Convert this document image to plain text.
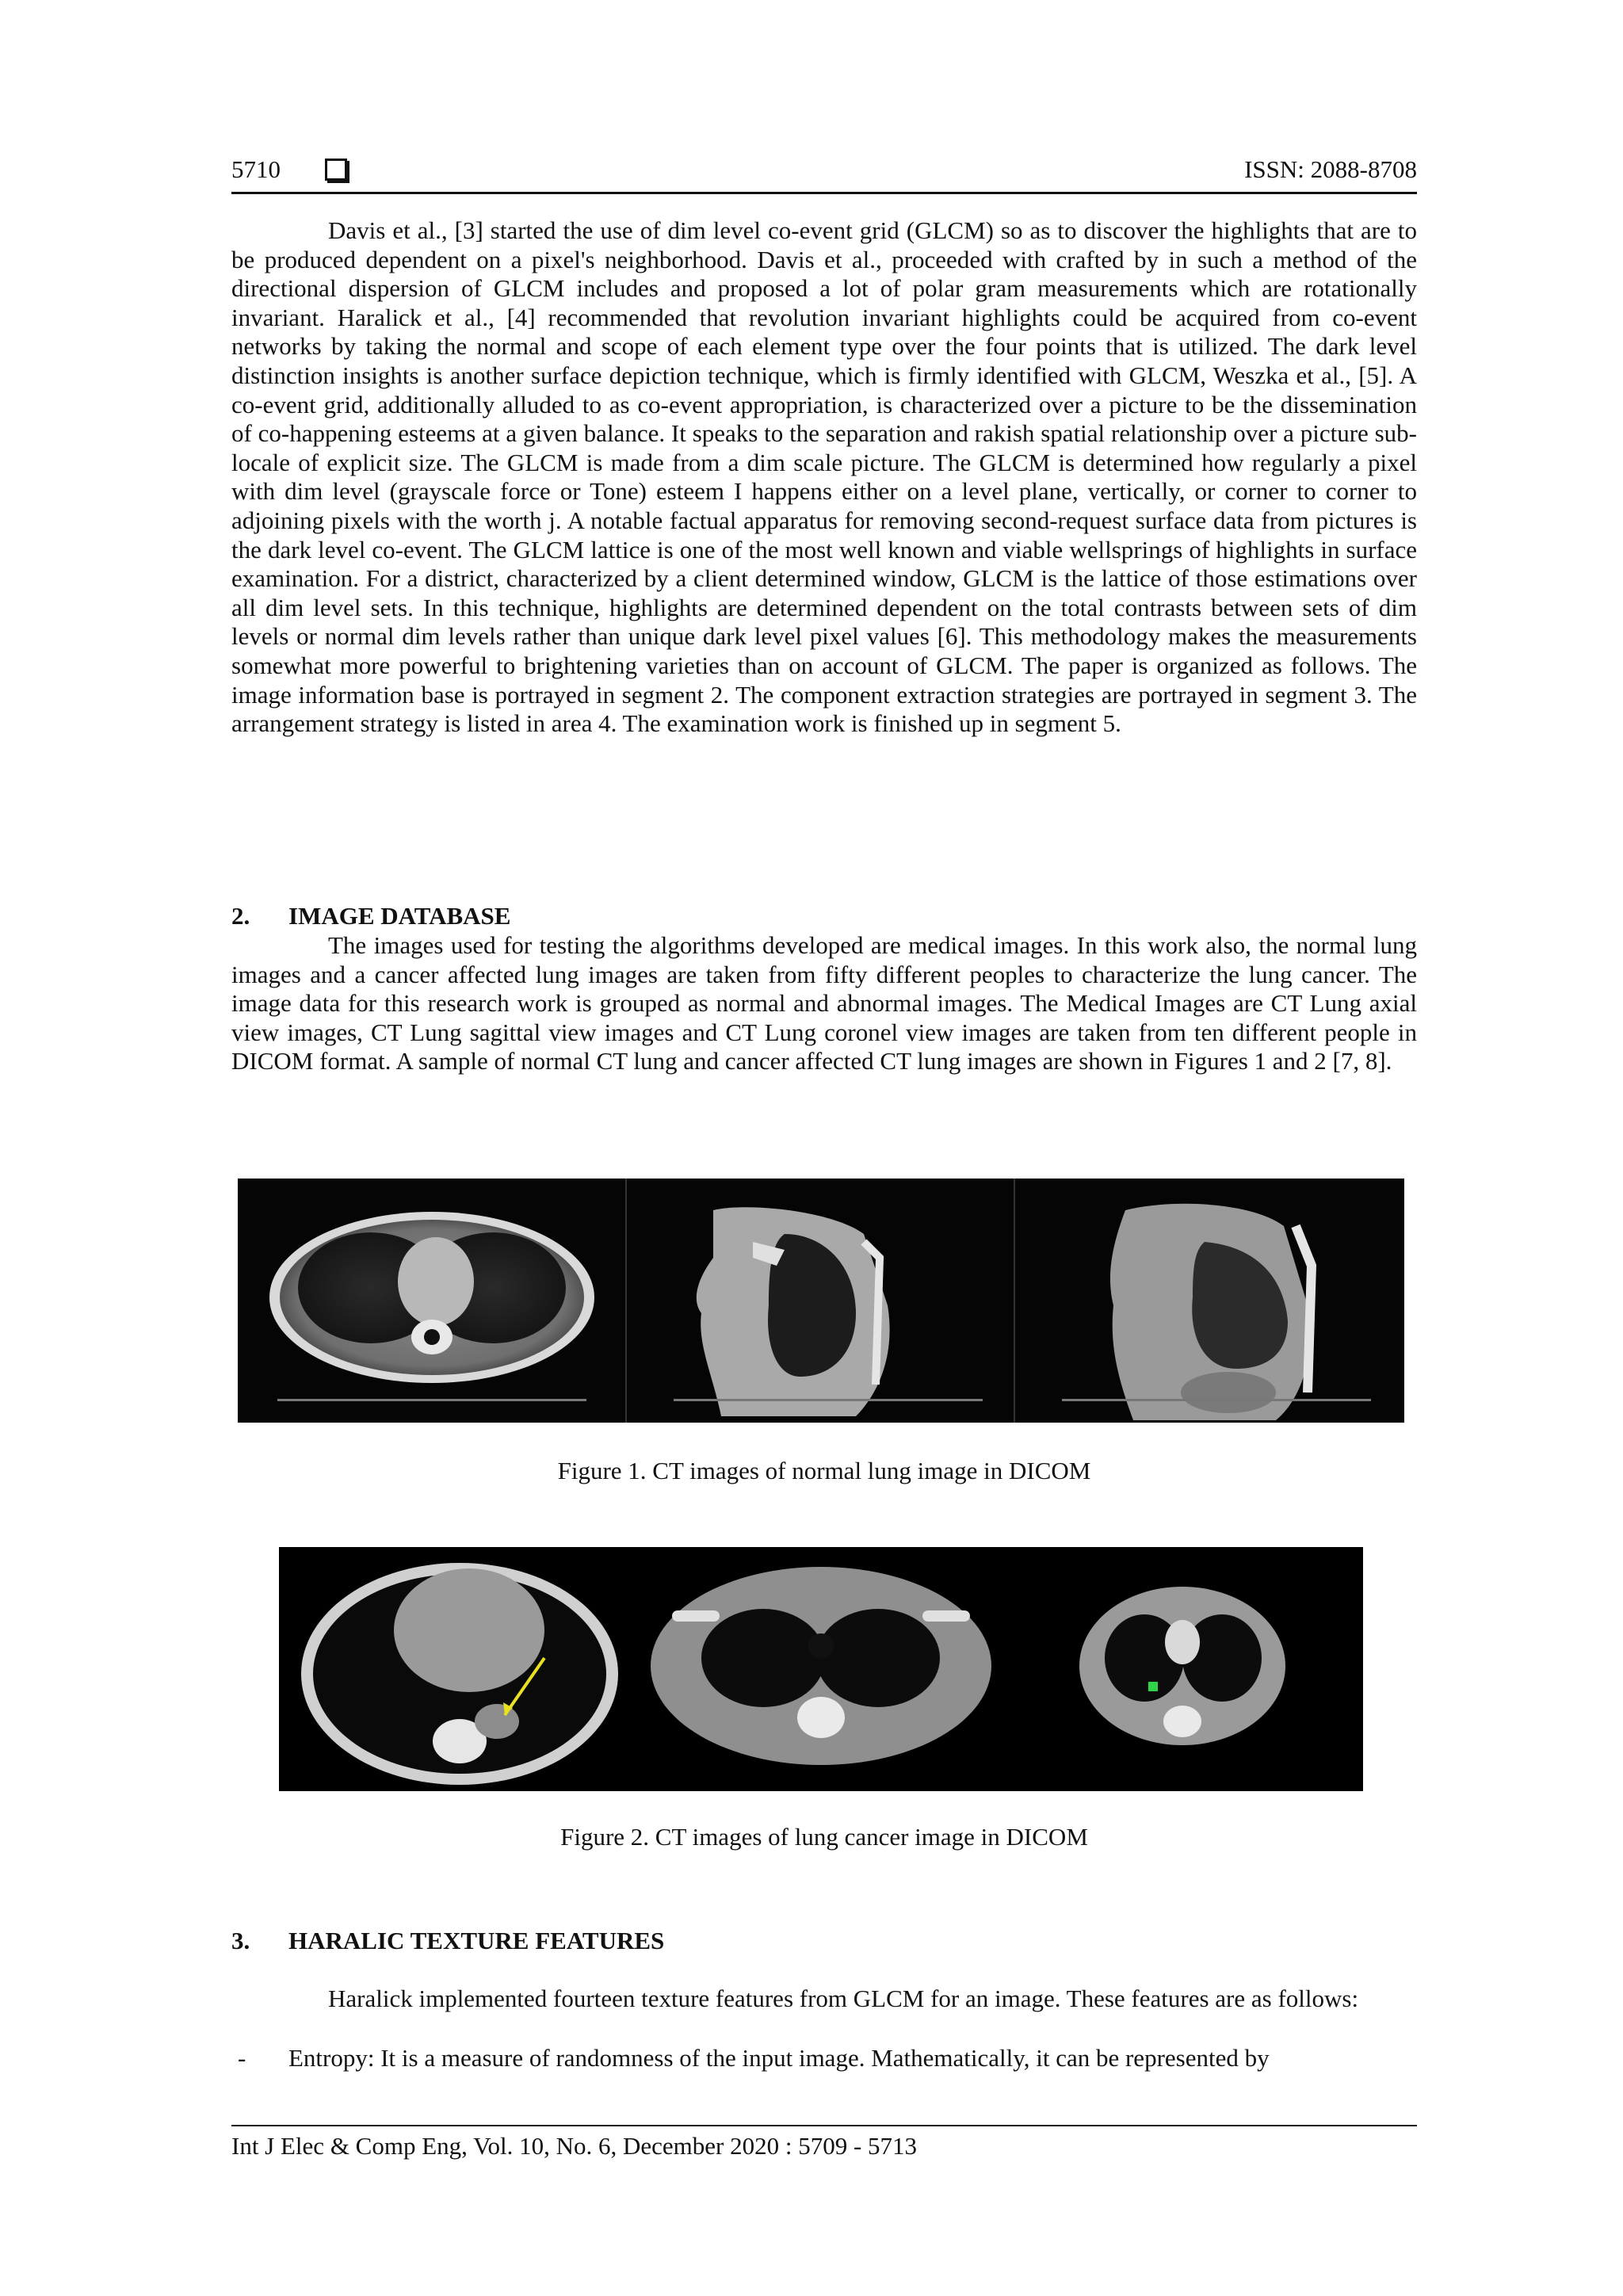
5710	ISSN: 2088-8708

Davis et al., [3] started the use of dim level co-event grid (GLCM) so as to discover the highlights that are to be produced dependent on a pixel's neighborhood. Davis et al., proceeded with crafted by in such a method of the directional dispersion of GLCM includes and proposed a lot of polar gram measurements which are rotationally invariant. Haralick et al., [4] recommended that revolution invariant highlights could be acquired from co-event networks by taking the normal and scope of each element type over the four points that is utilized. The dark level distinction insights is another surface depiction technique, which is firmly identified with GLCM, Weszka et al., [5]. A co-event grid, additionally alluded to as co-event appropriation, is characterized over a picture to be the dissemination of co-happening esteems at a given balance. It speaks to the separation and rakish spatial relationship over a picture sub-locale of explicit size. The GLCM is made from a dim scale picture. The GLCM is determined how regularly a pixel with dim level (grayscale force or Tone) esteem I happens either on a level plane, vertically, or corner to corner to adjoining pixels with the worth j. A notable factual apparatus for removing second-request surface data from pictures is the dark level co-event. The GLCM lattice is one of the most well known and viable wellsprings of highlights in surface examination. For a district, characterized by a client determined window, GLCM is the lattice of those estimations over all dim level sets. In this technique, highlights are determined dependent on the total contrasts between sets of dim levels or normal dim levels rather than unique dark level pixel values [6]. This methodology makes the measurements somewhat more powerful to brightening varieties than on account of GLCM. The paper is organized as follows. The image information base is portrayed in segment 2. The component extraction strategies are portrayed in segment 3. The arrangement strategy is listed in area 4. The examination work is finished up in segment 5.

2. IMAGE DATABASE

The images used for testing the algorithms developed are medical images. In this work also, the normal lung images and a cancer affected lung images are taken from fifty different peoples to characterize the lung cancer. The image data for this research work is grouped as normal and abnormal images. The Medical Images are CT Lung axial view images, CT Lung sagittal view images and CT Lung coronel view images are taken from ten different people in DICOM format. A sample of normal CT lung and cancer affected CT lung images are shown in Figures 1 and 2 [7, 8].

Figure 1. CT images of normal lung image in DICOM
Figure 2. CT images of lung cancer image in DICOM
3. HARALIC TEXTURE FEATURES

Haralick implemented fourteen texture features from GLCM for an image. These features are as follows:

- Entropy: It is a measure of randomness of the input image. Mathematically, it can be represented by
Int J Elec & Comp Eng, Vol. 10, No. 6, December 2020 : 5709 - 5713
